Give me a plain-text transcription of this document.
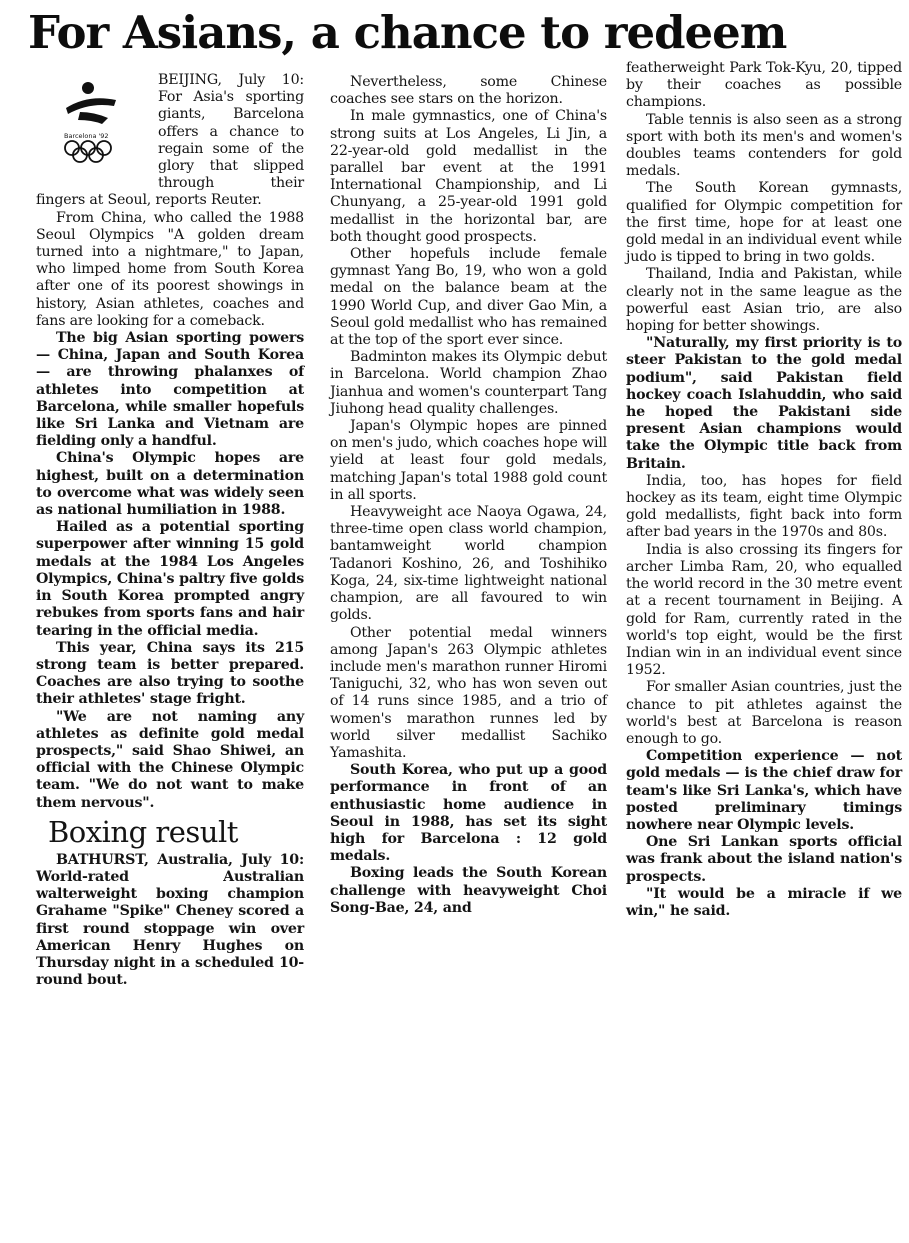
For Asians, a chance to redeem
Barcelona '92

BEIJING, July 10: For Asia's sporting giants, Barcelona offers a chance to regain some of the glory that slipped through their fingers at Seoul, reports Reuter.

From China, who called the 1988 Seoul Olympics "A golden dream turned into a nightmare," to Japan, who limped home from South Korea after one of its poorest showings in history, Asian athletes, coaches and fans are looking for a comeback.

The big Asian sporting powers — China, Japan and South Korea — are throwing phalanxes of athletes into competition at Barcelona, while smaller hopefuls like Sri Lanka and Vietnam are fielding only a handful.

China's Olympic hopes are highest, built on a determination to overcome what was widely seen as national humiliation in 1988.

Hailed as a potential sporting superpower after winning 15 gold medals at the 1984 Los Angeles Olympics, China's paltry five golds in South Korea prompted angry rebukes from sports fans and hair tearing in the official media.

This year, China says its 215 strong team is better prepared. Coaches are also trying to soothe their athletes' stage fright.

"We are not naming any athletes as definite gold medal prospects," said Shao Shiwei, an official with the Chinese Olympic team. "We do not want to make them nervous".

Boxing result

BATHURST, Australia, July 10: World-rated Australian walterweight boxing champion Grahame "Spike" Cheney scored a first round stoppage win over American Henry Hughes on Thursday night in a scheduled 10-round bout.

Nevertheless, some Chinese coaches see stars on the horizon.

In male gymnastics, one of China's strong suits at Los Angeles, Li Jin, a 22-year-old gold medallist in the parallel bar event at the 1991 International Championship, and Li Chunyang, a 25-year-old 1991 gold medallist in the horizontal bar, are both thought good prospects.

Other hopefuls include female gymnast Yang Bo, 19, who won a gold medal on the balance beam at the 1990 World Cup, and diver Gao Min, a Seoul gold medallist who has remained at the top of the sport ever since.

Badminton makes its Olympic debut in Barcelona. World champion Zhao Jianhua and women's counterpart Tang Jiuhong head quality challenges.

Japan's Olympic hopes are pinned on men's judo, which coaches hope will yield at least four gold medals, matching Japan's total 1988 gold count in all sports.

Heavyweight ace Naoya Ogawa, 24, three-time open class world champion, bantamweight world champion Tadanori Koshino, 26, and Toshihiko Koga, 24, six-time lightweight national champion, are all favoured to win golds.

Other potential medal winners among Japan's 263 Olympic athletes include men's marathon runner Hiromi Taniguchi, 32, who has won seven out of 14 runs since 1985, and a trio of women's marathon runnes led by world silver medallist Sachiko Yamashita.

South Korea, who put up a good performance in front of an enthusiastic home audience in Seoul in 1988, has set its sight high for Barcelona : 12 gold medals.

Boxing leads the South Korean challenge with heavyweight Choi Song-Bae, 24, and

featherweight Park Tok-Kyu, 20, tipped by their coaches as possible champions.

Table tennis is also seen as a strong sport with both its men's and women's doubles teams contenders for gold medals.

The South Korean gymnasts, qualified for Olympic competition for the first time, hope for at least one gold medal in an individual event while judo is tipped to bring in two golds.

Thailand, India and Pakistan, while clearly not in the same league as the powerful east Asian trio, are also hoping for better showings.

"Naturally, my first priority is to steer Pakistan to the gold medal podium", said Pakistan field hockey coach Islahuddin, who said he hoped the Pakistani side present Asian champions would take the Olympic title back from Britain.

India, too, has hopes for field hockey as its team, eight time Olympic gold medallists, fight back into form after bad years in the 1970s and 80s.

India is also crossing its fingers for archer Limba Ram, 20, who equalled the world record in the 30 metre event at a recent tournament in Beijing. A gold for Ram, currently rated in the world's top eight, would be the first Indian win in an individual event since 1952.

For smaller Asian countries, just the chance to pit athletes against the world's best at Barcelona is reason enough to go.

Competition experience — not gold medals — is the chief draw for team's like Sri Lanka's, which have posted preliminary timings nowhere near Olympic levels.

One Sri Lankan sports official was frank about the island nation's prospects.

"It would be a miracle if we win," he said.
